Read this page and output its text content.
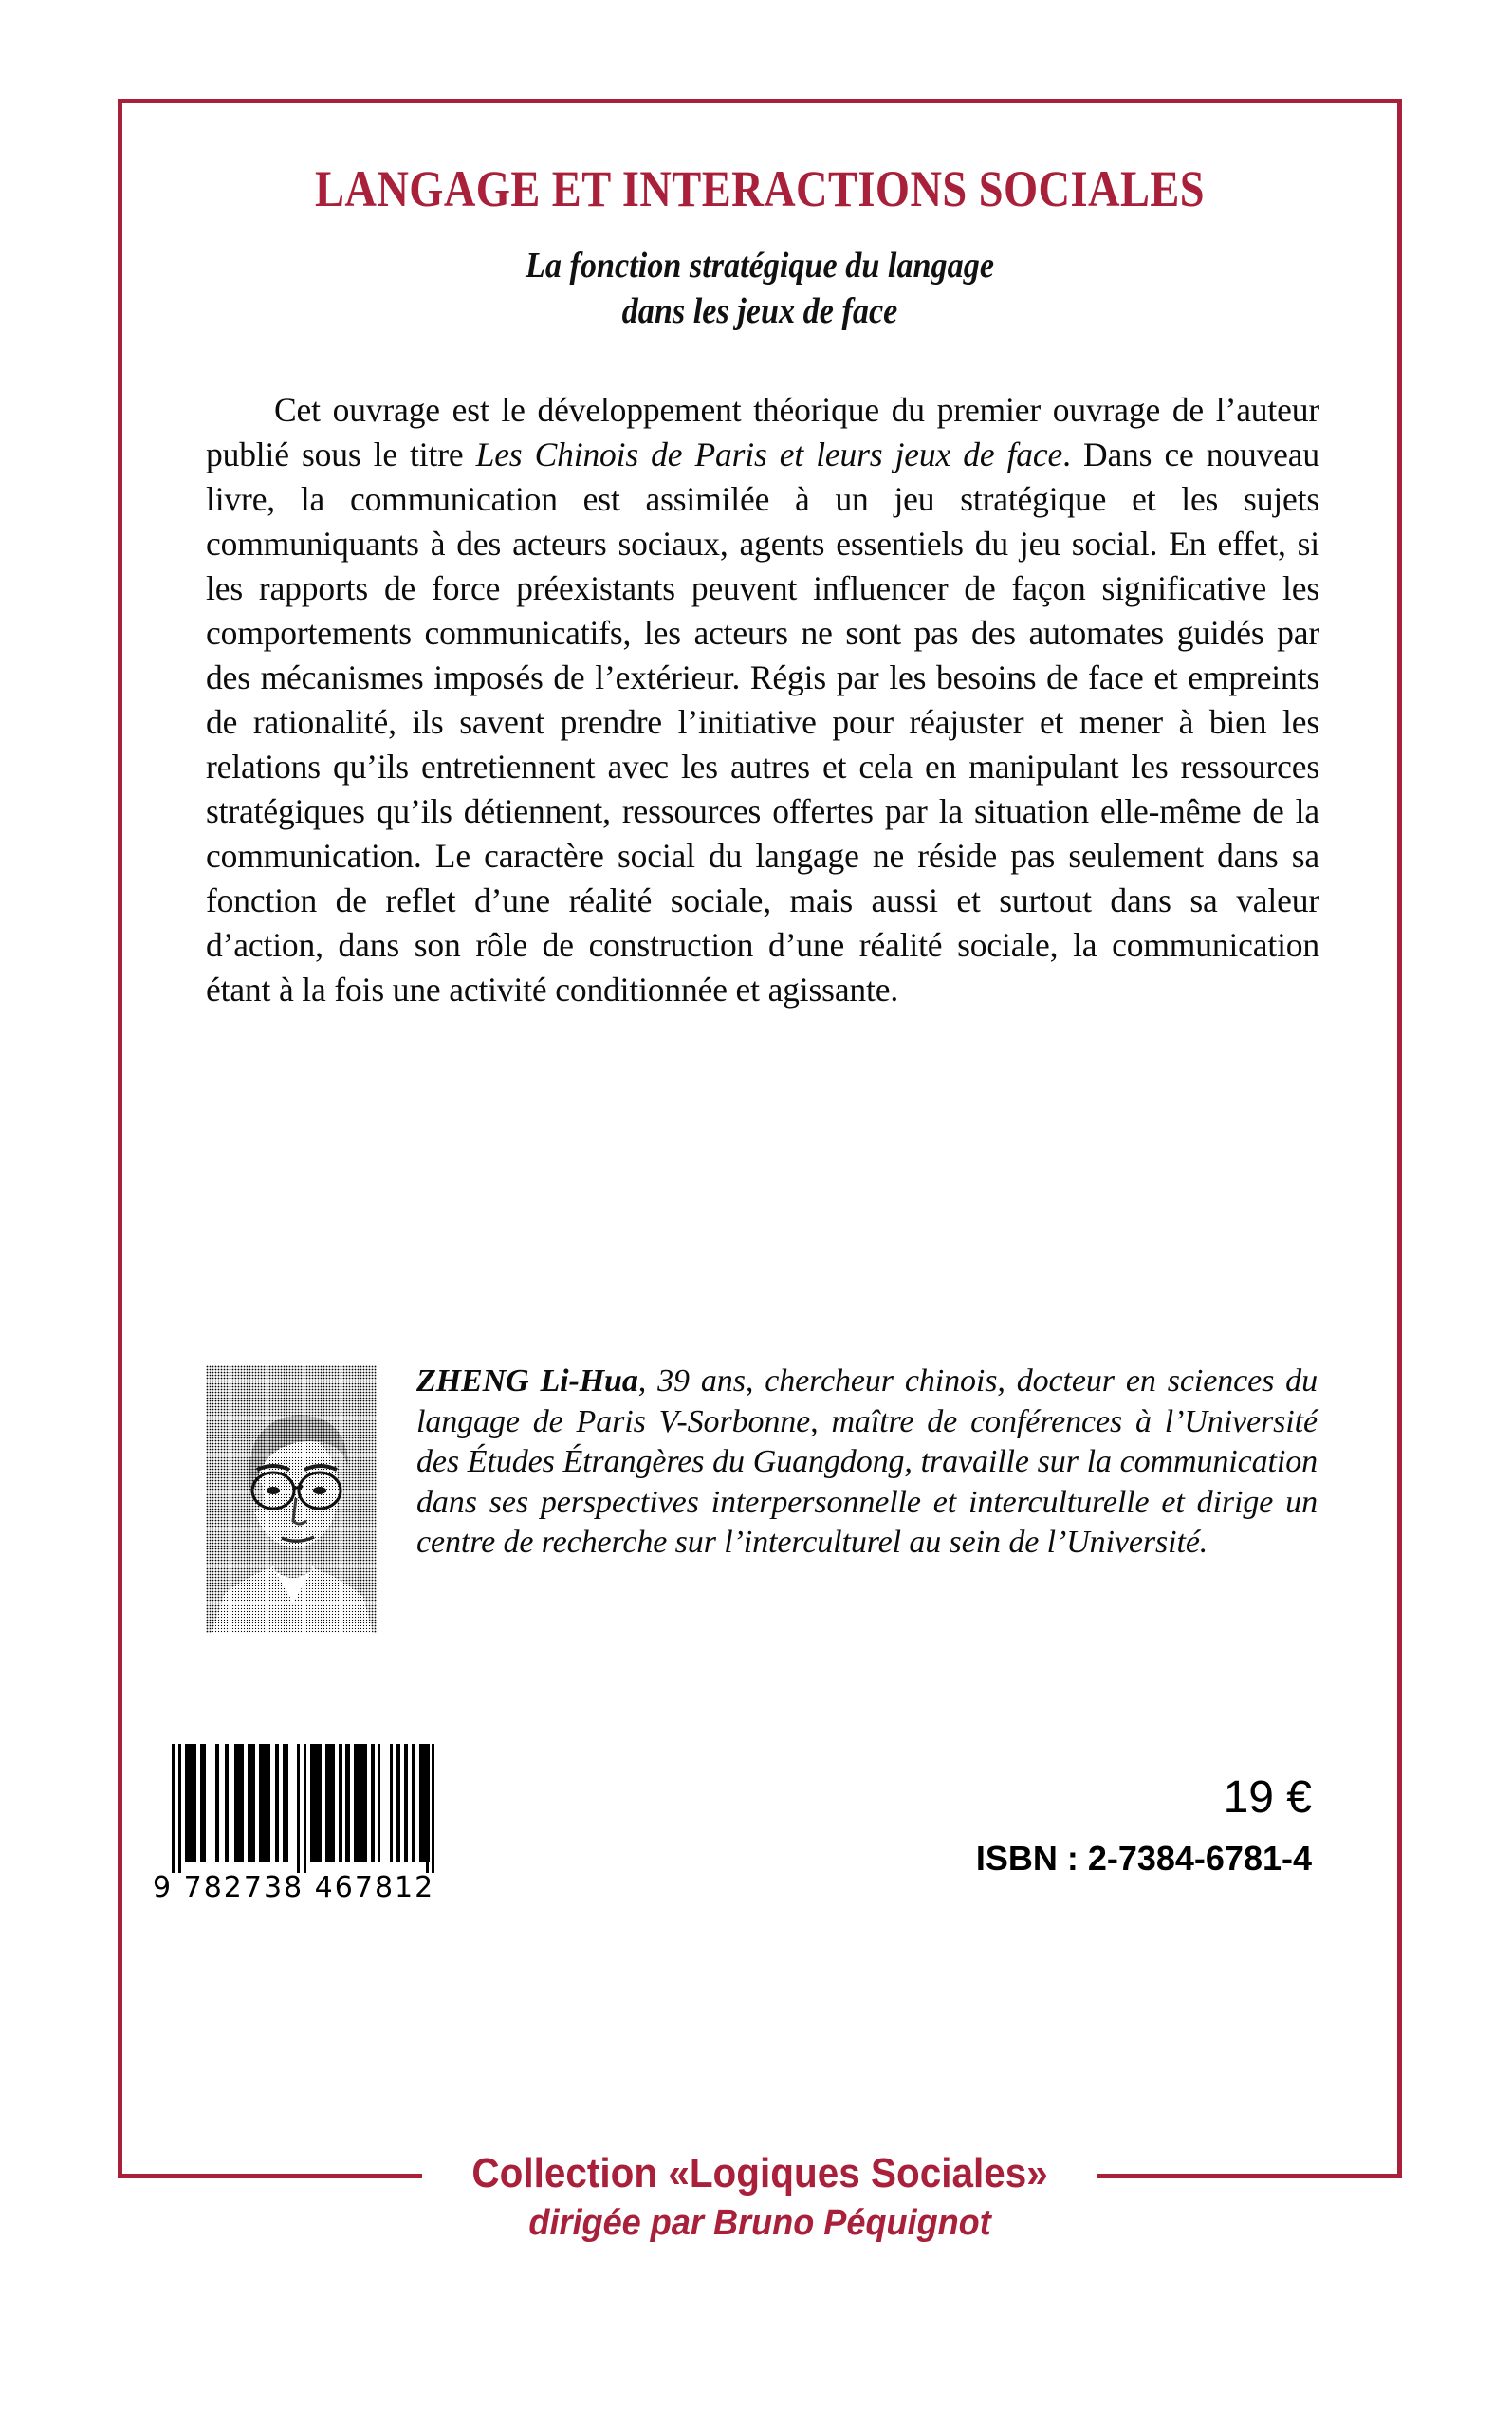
LANGAGE ET INTERACTIONS SOCIALES
La fonction stratégique du langage
dans les jeux de face

Cet ouvrage est le développement théorique du premier ouvrage de l’auteur publié sous le titre Les Chinois de Paris et leurs jeux de face. Dans ce nouveau livre, la communication est assimilée à un jeu stratégique et les sujets communiquants à des acteurs sociaux, agents essentiels du jeu social. En effet, si les rapports de force préexistants peuvent influencer de façon significative les comportements communicatifs, les acteurs ne sont pas des automates guidés par des mécanismes imposés de l’extérieur. Régis par les besoins de face et empreints de rationalité, ils savent prendre l’initiative pour réajuster et mener à bien les relations qu’ils entretiennent avec les autres et cela en manipulant les ressources stratégiques qu’ils détiennent, ressources offertes par la situation elle-même de la communication. Le caractère social du langage ne réside pas seulement dans sa fonction de reflet d’une réalité sociale, mais aussi et surtout dans sa valeur d’action, dans son rôle de construction d’une réalité sociale, la communication étant à la fois une activité conditionnée et agissante.

ZHENG Li-Hua, 39 ans, chercheur chinois, docteur en sciences du langage de Paris V-Sorbonne, maître de conférences à l’Université des Études Étrangères du Guangdong, travaille sur la communication dans ses perspectives interpersonnelle et interculturelle et dirige un centre de recherche sur l’interculturel au sein de l’Université.

9 782738 467812
19 €
ISBN : 2-7384-6781-4
Collection «Logiques Sociales»
dirigée par Bruno Péquignot
